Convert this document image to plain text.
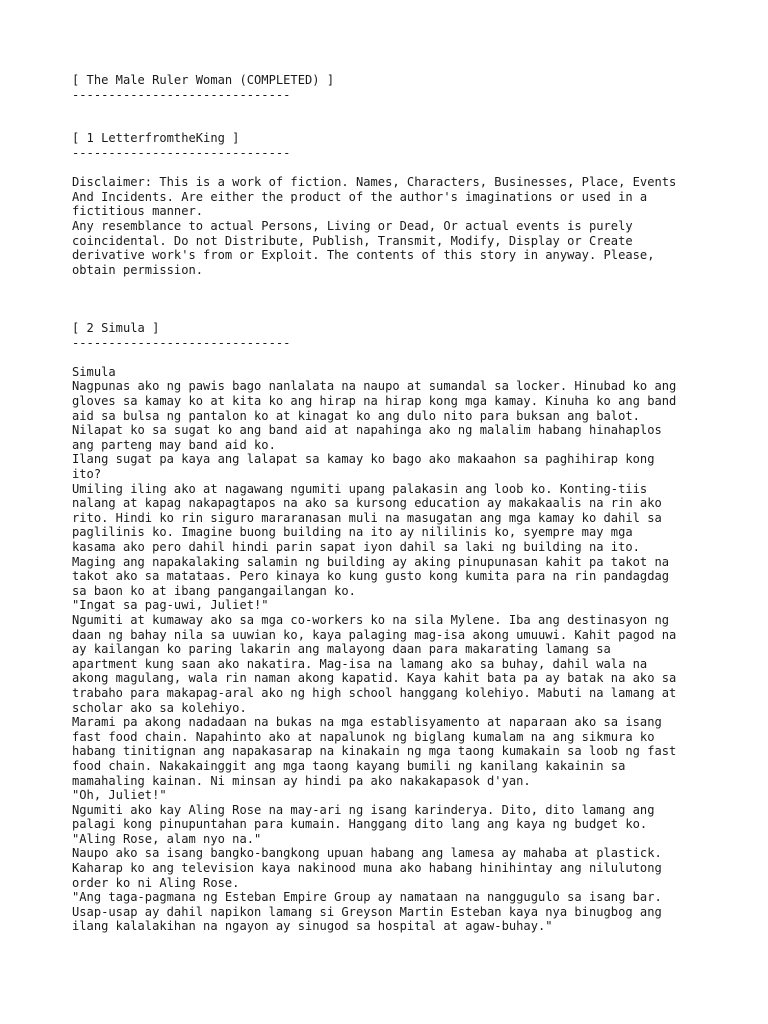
[ The Male Ruler Woman (COMPLETED) ]
------------------------------
[ 1 LetterfromtheKing ]
------------------------------
Disclaimer: This is a work of fiction. Names, Characters, Businesses, Place, Events
And Incidents. Are either the product of the author's imaginations or used in a
fictitious manner.
Any resemblance to actual Persons, Living or Dead, Or actual events is purely
coincidental. Do not Distribute, Publish, Transmit, Modify, Display or Create
derivative work's from or Exploit. The contents of this story in anyway. Please,
obtain permission.
[ 2 Simula ]
------------------------------
Simula
Nagpunas ako ng pawis bago nanlalata na naupo at sumandal sa locker. Hinubad ko ang
gloves sa kamay ko at kita ko ang hirap na hirap kong mga kamay. Kinuha ko ang band
aid sa bulsa ng pantalon ko at kinagat ko ang dulo nito para buksan ang balot.
Nilapat ko sa sugat ko ang band aid at napahinga ako ng malalim habang hinahaplos
ang parteng may band aid ko.
Ilang sugat pa kaya ang lalapat sa kamay ko bago ako makaahon sa paghihirap kong
ito?
Umiling iling ako at nagawang ngumiti upang palakasin ang loob ko. Konting-tiis
nalang at kapag nakapagtapos na ako sa kursong education ay makakaalis na rin ako
rito. Hindi ko rin siguro mararanasan muli na masugatan ang mga kamay ko dahil sa
paglilinis ko. Imagine buong building na ito ay nililinis ko, syempre may mga
kasama ako pero dahil hindi parin sapat iyon dahil sa laki ng building na ito.
Maging ang napakalaking salamin ng building ay aking pinupunasan kahit pa takot na
takot ako sa matataas. Pero kinaya ko kung gusto kong kumita para na rin pandagdag
sa baon ko at ibang pangangailangan ko.
"Ingat sa pag-uwi, Juliet!"
Ngumiti at kumaway ako sa mga co-workers ko na sila Mylene. Iba ang destinasyon ng
daan ng bahay nila sa uuwian ko, kaya palaging mag-isa akong umuuwi. Kahit pagod na
ay kailangan ko paring lakarin ang malayong daan para makarating lamang sa
apartment kung saan ako nakatira. Mag-isa na lamang ako sa buhay, dahil wala na
akong magulang, wala rin naman akong kapatid. Kaya kahit bata pa ay batak na ako sa
trabaho para makapag-aral ako ng high school hanggang kolehiyo. Mabuti na lamang at
scholar ako sa kolehiyo.
Marami pa akong nadadaan na bukas na mga establisyamento at naparaan ako sa isang
fast food chain. Napahinto ako at napalunok ng biglang kumalam na ang sikmura ko
habang tinitignan ang napakasarap na kinakain ng mga taong kumakain sa loob ng fast
food chain. Nakakainggit ang mga taong kayang bumili ng kanilang kakainin sa
mamahaling kainan. Ni minsan ay hindi pa ako nakakapasok d'yan.
"Oh, Juliet!"
Ngumiti ako kay Aling Rose na may-ari ng isang karinderya. Dito, dito lamang ang
palagi kong pinupuntahan para kumain. Hanggang dito lang ang kaya ng budget ko.
"Aling Rose, alam nyo na."
Naupo ako sa isang bangko-bangkong upuan habang ang lamesa ay mahaba at plastick.
Kaharap ko ang television kaya nakinood muna ako habang hinihintay ang nilulutong
order ko ni Aling Rose.
"Ang taga-pagmana ng Esteban Empire Group ay namataan na nanggugulo sa isang bar.
Usap-usap ay dahil napikon lamang si Greyson Martin Esteban kaya nya binugbog ang
ilang kalalakihan na ngayon ay sinugod sa hospital at agaw-buhay."
